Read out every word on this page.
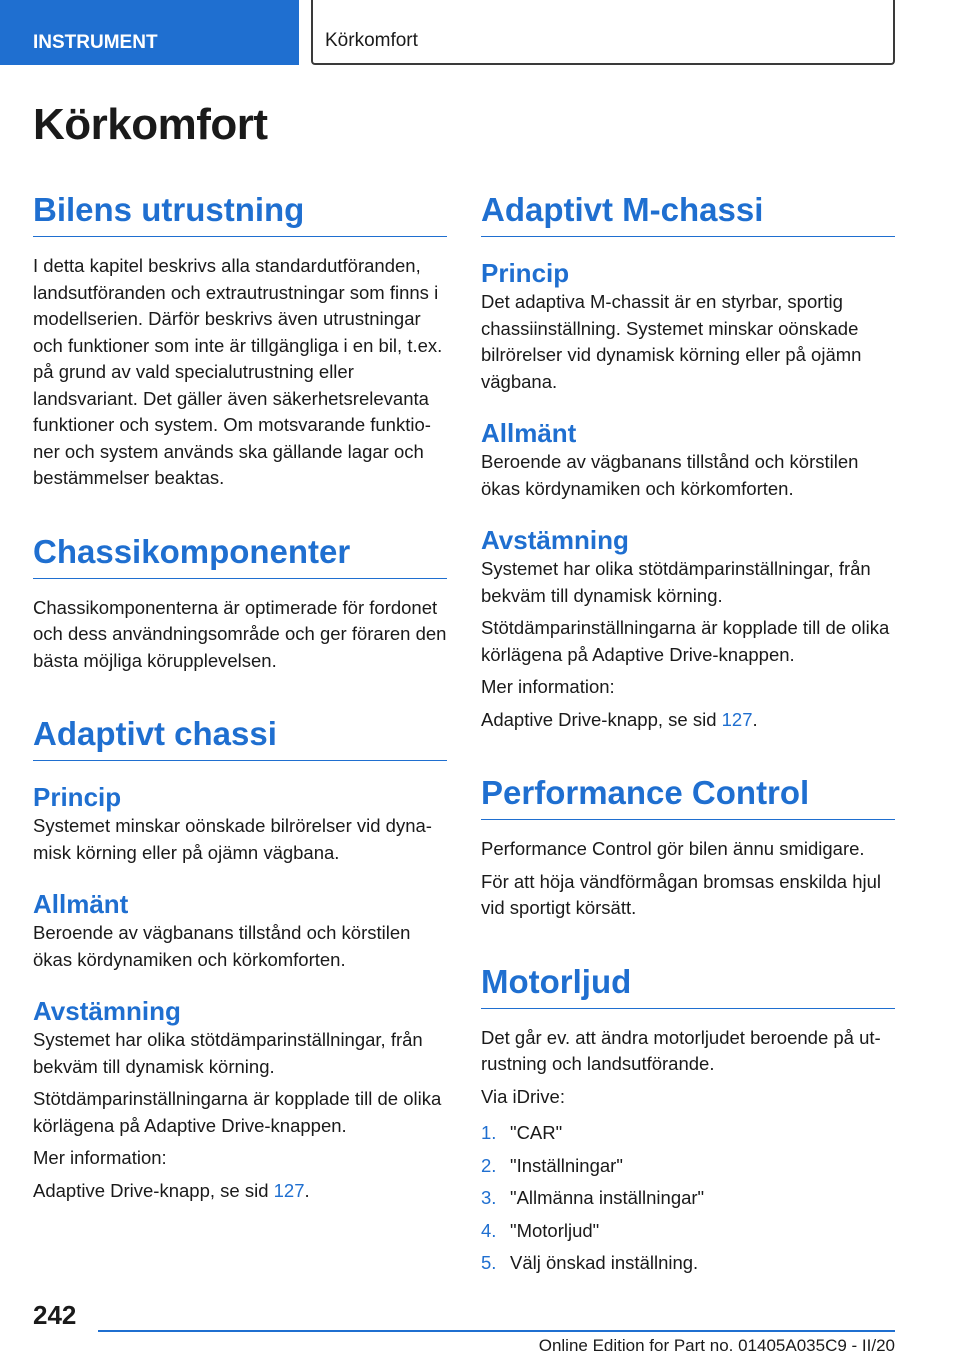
INSTRUMENT	Körkomfort
Körkomfort
Bilens utrustning

I detta kapitel beskrivs alla standardutföranden, landsutföranden och extrautrustningar som finns i modellserien. Därför beskrivs även utrustningar och funktioner som inte är tillgängliga i en bil, t.ex. på grund av vald specialutrustning eller landsvariant. Det gäller även säkerhetsrelevanta funktioner och system. Om motsvarande funktioner och system används ska gällande lagar och bestämmelser beaktas.

Chassikomponenter

Chassikomponenterna är optimerade för fordonet och dess användningsområde och ger föraren den bästa möjliga körupplevelsen.

Adaptivt chassi
Princip

Systemet minskar oönskade bilrörelser vid dynamisk körning eller på ojämn vägbana.

Allmänt

Beroende av vägbanans tillstånd och körstilen ökas kördynamiken och körkomforten.

Avstämning

Systemet har olika stötdämparinställningar, från bekväm till dynamisk körning.

Stötdämparinställningarna är kopplade till de olika körlägena på Adaptive Drive-knappen.

Mer information:

Adaptive Drive-knapp, se sid 127.

Adaptivt M-chassi
Princip

Det adaptiva M-chassit är en styrbar, sportig chassiinställning. Systemet minskar oönskade bilrörelser vid dynamisk körning eller på ojämn vägbana.

Allmänt

Beroende av vägbanans tillstånd och körstilen ökas kördynamiken och körkomforten.

Avstämning

Systemet har olika stötdämparinställningar, från bekväm till dynamisk körning.

Stötdämparinställningarna är kopplade till de olika körlägena på Adaptive Drive-knappen.

Mer information:

Adaptive Drive-knapp, se sid 127.

Performance Control

Performance Control gör bilen ännu smidigare.

För att höja vändförmågan bromsas enskilda hjul vid sportigt körsätt.

Motorljud

Det går ev. att ändra motorljudet beroende på utrustning och landsutförande.

Via iDrive:

1. "CAR"
2. "Inställningar"
3. "Allmänna inställningar"
4. "Motorljud"
5. Välj önskad inställning.
242
Online Edition for Part no. 01405A035C9 - II/20
